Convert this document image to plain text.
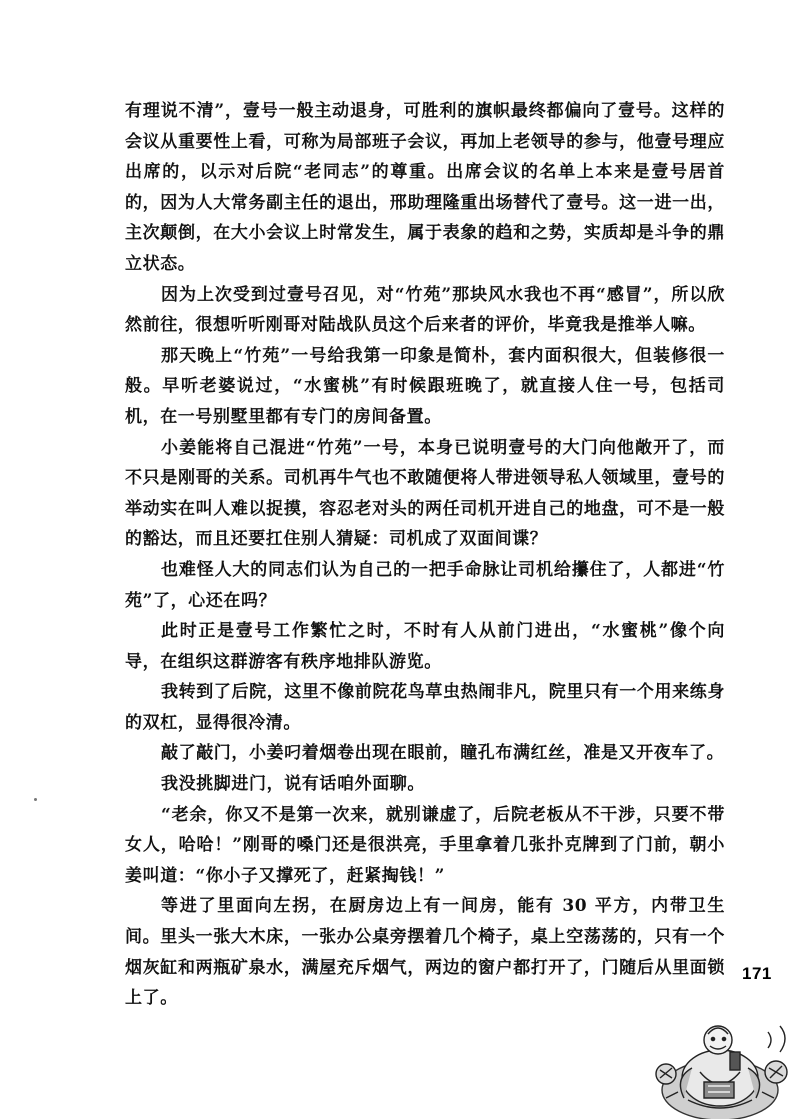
有理说不清”，壹号一般主动退身，可胜利的旗帜最终都偏向了壹号。这样的会议从重要性上看，可称为局部班子会议，再加上老领导的参与，他壹号理应出席的，以示对后院“老同志”的尊重。出席会议的名单上本来是壹号居首的，因为人大常务副主任的退出，邢助理隆重出场替代了壹号。这一进一出，主次颠倒，在大小会议上时常发生，属于表象的趋和之势，实质却是斗争的鼎立状态。

因为上次受到过壹号召见，对“竹苑”那块风水我也不再“感冒”，所以欣然前往，很想听听刚哥对陆战队员这个后来者的评价，毕竟我是推举人嘛。

那天晚上“竹苑”一号给我第一印象是简朴，套内面积很大，但装修很一般。早听老婆说过，“水蜜桃”有时候跟班晚了，就直接人住一号，包括司机，在一号别墅里都有专门的房间备置。

小姜能将自己混进“竹苑”一号，本身已说明壹号的大门向他敞开了，而不只是刚哥的关系。司机再牛气也不敢随便将人带进领导私人领域里，壹号的举动实在叫人难以捉摸，容忍老对头的两任司机开进自己的地盘，可不是一般的豁达，而且还要扛住别人猜疑：司机成了双面间谍？

也难怪人大的同志们认为自己的一把手命脉让司机给攥住了，人都进“竹苑”了，心还在吗？

此时正是壹号工作繁忙之时，不时有人从前门进出，“水蜜桃”像个向导，在组织这群游客有秩序地排队游览。

我转到了后院，这里不像前院花鸟草虫热闹非凡，院里只有一个用来练身的双杠，显得很冷清。

敲了敲门，小姜叼着烟卷出现在眼前，瞳孔布满红丝，准是又开夜车了。

我没挑脚进门，说有话咱外面聊。

“老余，你又不是第一次来，就别谦虚了，后院老板从不干涉，只要不带女人，哈哈！”刚哥的嗓门还是很洪亮，手里拿着几张扑克牌到了门前，朝小姜叫道：“你小子又撑死了，赶紧掏钱！”

等进了里面向左拐，在厨房边上有一间房，能有 30 平方，内带卫生间。里头一张大木床，一张办公桌旁摆着几个椅子，桌上空荡荡的，只有一个烟灰缸和两瓶矿泉水，满屋充斥烟气，两边的窗户都打开了，门随后从里面锁上了。

171
